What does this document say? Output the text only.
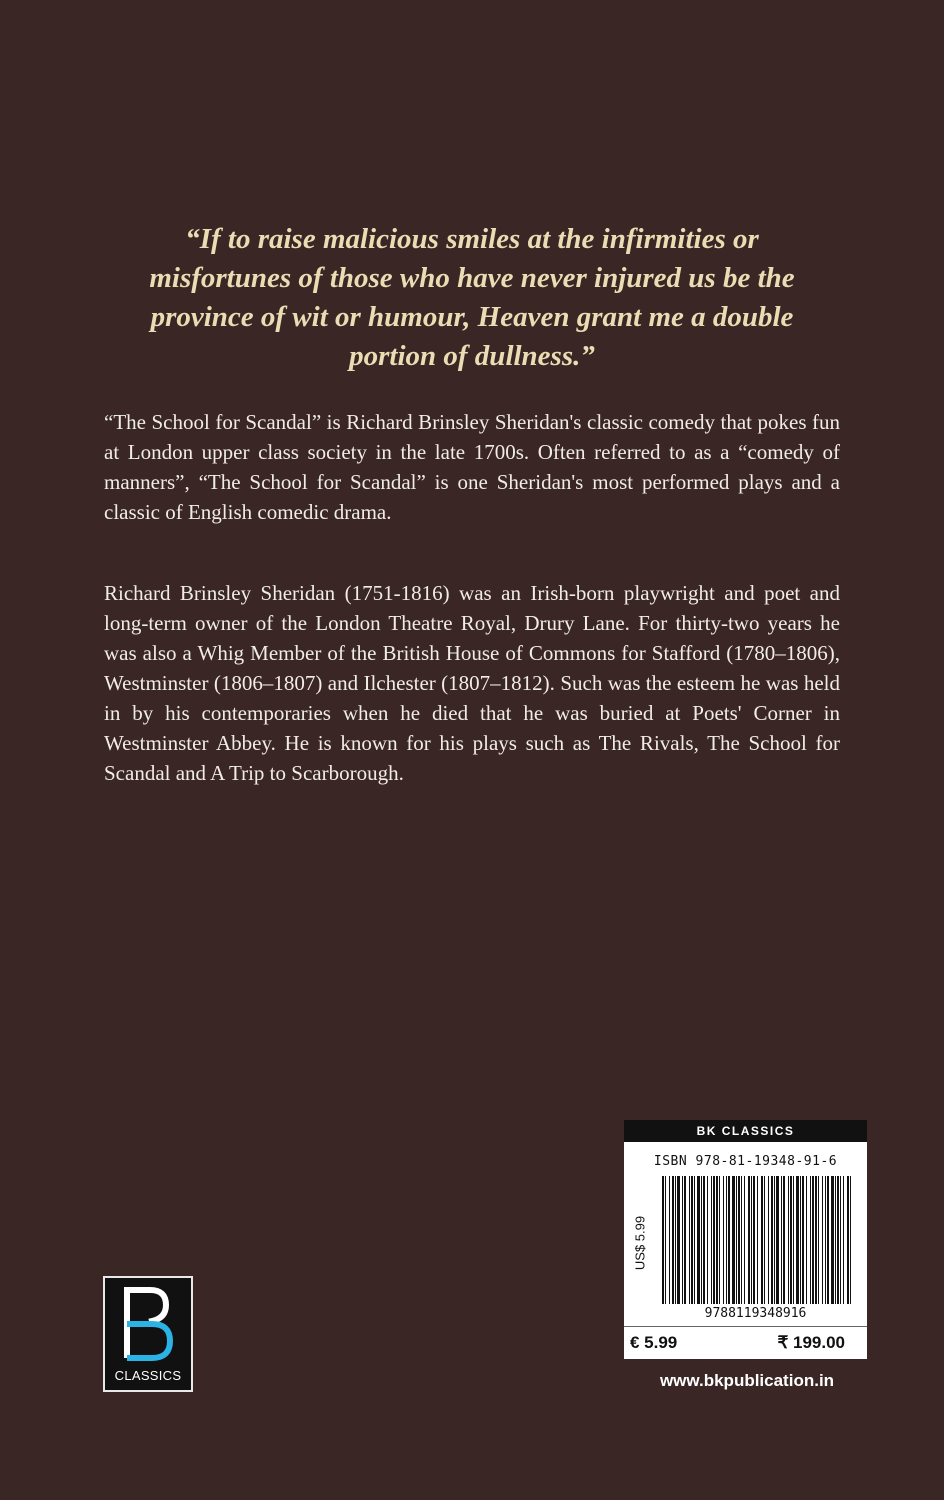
“If to raise malicious smiles at the infirmities or misfortunes of those who have never injured us be the province of wit or humour, Heaven grant me a double portion of dullness.”

“The School for Scandal” is Richard Brinsley Sheridan's classic comedy that pokes fun at London upper class society in the late 1700s. Often referred to as a “comedy of manners”, “The School for Scandal” is one Sheridan's most performed plays and a classic of English comedic drama.

Richard Brinsley Sheridan (1751-1816) was an Irish-born playwright and poet and long-term owner of the London Theatre Royal, Drury Lane. For thirty-two years he was also a Whig Member of the British House of Commons for Stafford (1780–1806), Westminster (1806–1807) and Ilchester (1807–1812). Such was the esteem he was held in by his contemporaries when he died that he was buried at Poets' Corner in Westminster Abbey. He is known for his plays such as The Rivals, The School for Scandal and A Trip to Scarborough.

CLASSICS
BK CLASSICS
ISBN 978-81-19348-91-6
US$ 5.99
9788119348916
€ 5.99	₹ 199.00
www.bkpublication.in
